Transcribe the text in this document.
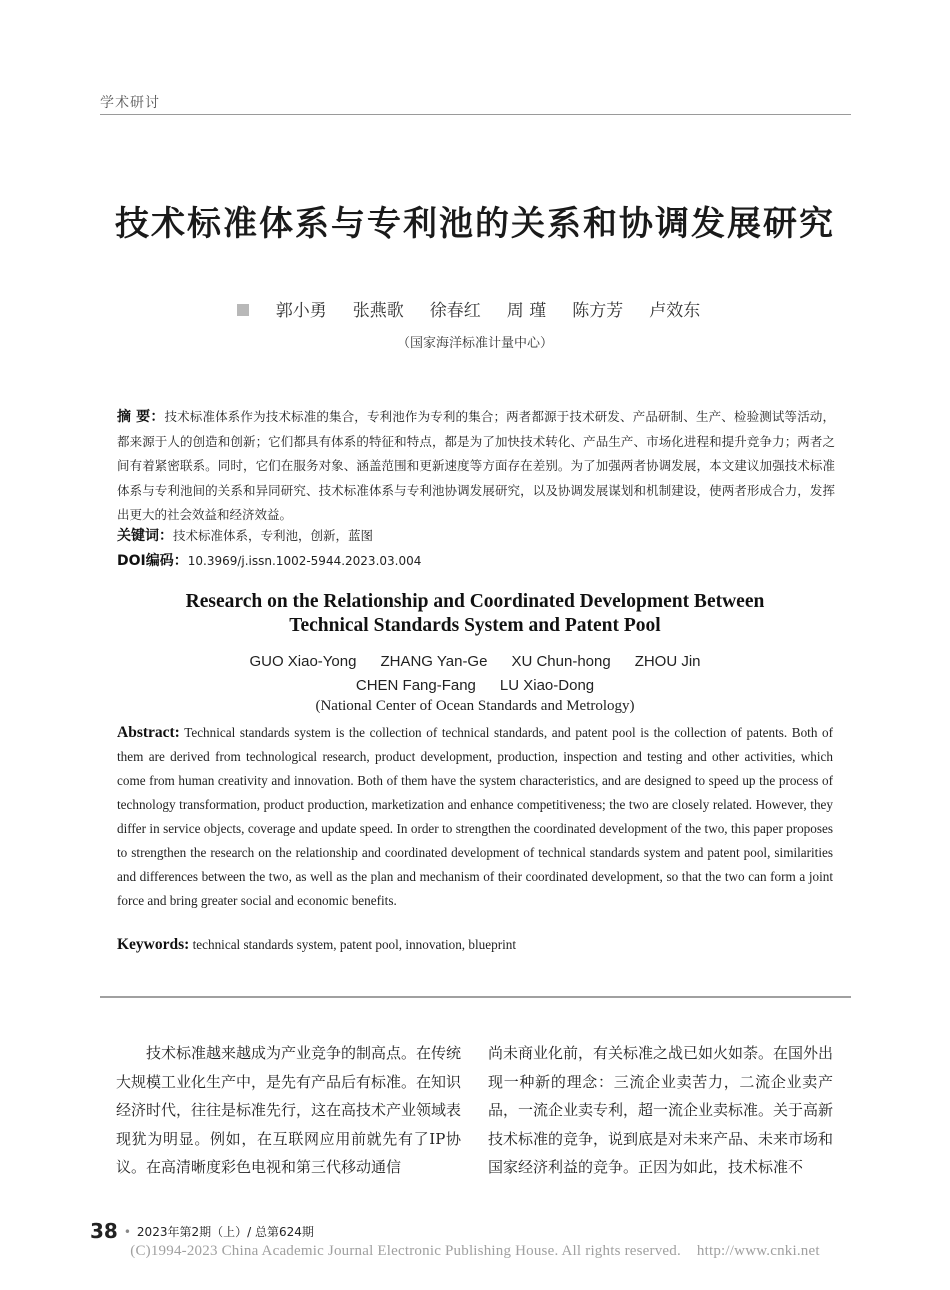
学术研讨
技术标准体系与专利池的关系和协调发展研究
郭小勇 张燕歌 徐春红 周 瑾 陈方芳 卢效东
（国家海洋标准计量中心）
摘 要：技术标准体系作为技术标准的集合，专利池作为专利的集合；两者都源于技术研发、产品研制、生产、检验测试等活动，都来源于人的创造和创新；它们都具有体系的特征和特点，都是为了加快技术转化、产品生产、市场化进程和提升竞争力；两者之间有着紧密联系。同时，它们在服务对象、涵盖范围和更新速度等方面存在差别。为了加强两者协调发展，本文建议加强技术标准体系与专利池间的关系和异同研究、技术标准体系与专利池协调发展研究，以及协调发展谋划和机制建设，使两者形成合力，发挥出更大的社会效益和经济效益。
关键词：技术标准体系，专利池，创新，蓝图
DOI编码：10.3969/j.issn.1002-5944.2023.03.004
Research on the Relationship and Coordinated Development Between
Technical Standards System and Patent Pool
GUO Xiao-Yong ZHANG Yan-Ge XU Chun-hong ZHOU Jin
CHEN Fang-Fang LU Xiao-Dong
(National Center of Ocean Standards and Metrology)
Abstract: Technical standards system is the collection of technical standards, and patent pool is the collection of patents. Both of them are derived from technological research, product development, production, inspection and testing and other activities, which come from human creativity and innovation. Both of them have the system characteristics, and are designed to speed up the process of technology transformation, product production, marketization and enhance competitiveness; the two are closely related. However, they differ in service objects, coverage and update speed. In order to strengthen the coordinated development of the two, this paper proposes to strengthen the research on the relationship and coordinated development of technical standards system and patent pool, similarities and differences between the two, as well as the plan and mechanism of their coordinated development, so that the two can form a joint force and bring greater social and economic benefits.
Keywords: technical standards system, patent pool, innovation, blueprint
技术标准越来越成为产业竞争的制高点。在传统大规模工业化生产中，是先有产品后有标准。在知识经济时代，往往是标准先行，这在高技术产业领域表现犹为明显。例如，在互联网应用前就先有了IP协议。在高清晰度彩色电视和第三代移动通信
尚未商业化前，有关标准之战已如火如荼。在国外出现一种新的理念：三流企业卖苦力，二流企业卖产品，一流企业卖专利，超一流企业卖标准。关于高新技术标准的竞争，说到底是对未来产品、未来市场和国家经济利益的竞争。正因为如此，技术标准不
38 • 2023年第2期（上）/ 总第624期
(C)1994-2023 China Academic Journal Electronic Publishing House. All rights reserved. http://www.cnki.net
